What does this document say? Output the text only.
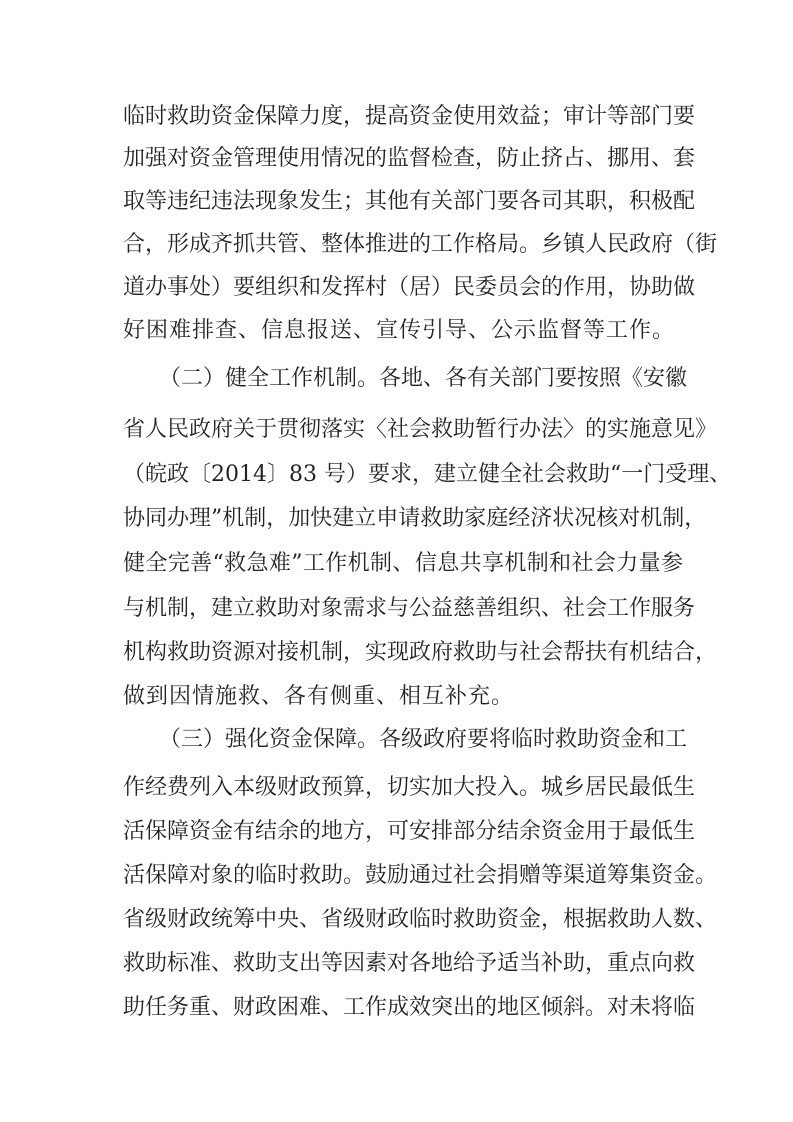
临时救助资金保障力度，提高资金使用效益；审计等部门要
加强对资金管理使用情况的监督检查，防止挤占、挪用、套
取等违纪违法现象发生；其他有关部门要各司其职，积极配
合，形成齐抓共管、整体推进的工作格局。乡镇人民政府（街
道办事处）要组织和发挥村（居）民委员会的作用，协助做
好困难排查、信息报送、宣传引导、公示监督等工作。
（二）健全工作机制。各地、各有关部门要按照《安徽
省人民政府关于贯彻落实〈社会救助暂行办法〉的实施意见》
（皖政〔2014〕83 号）要求，建立健全社会救助“一门受理、
协同办理”机制，加快建立申请救助家庭经济状况核对机制，
健全完善“救急难”工作机制、信息共享机制和社会力量参
与机制，建立救助对象需求与公益慈善组织、社会工作服务
机构救助资源对接机制，实现政府救助与社会帮扶有机结合，
做到因情施救、各有侧重、相互补充。
（三）强化资金保障。各级政府要将临时救助资金和工
作经费列入本级财政预算，切实加大投入。城乡居民最低生
活保障资金有结余的地方，可安排部分结余资金用于最低生
活保障对象的临时救助。鼓励通过社会捐赠等渠道筹集资金。
省级财政统筹中央、省级财政临时救助资金，根据救助人数、
救助标准、救助支出等因素对各地给予适当补助，重点向救
助任务重、财政困难、工作成效突出的地区倾斜。对未将临
